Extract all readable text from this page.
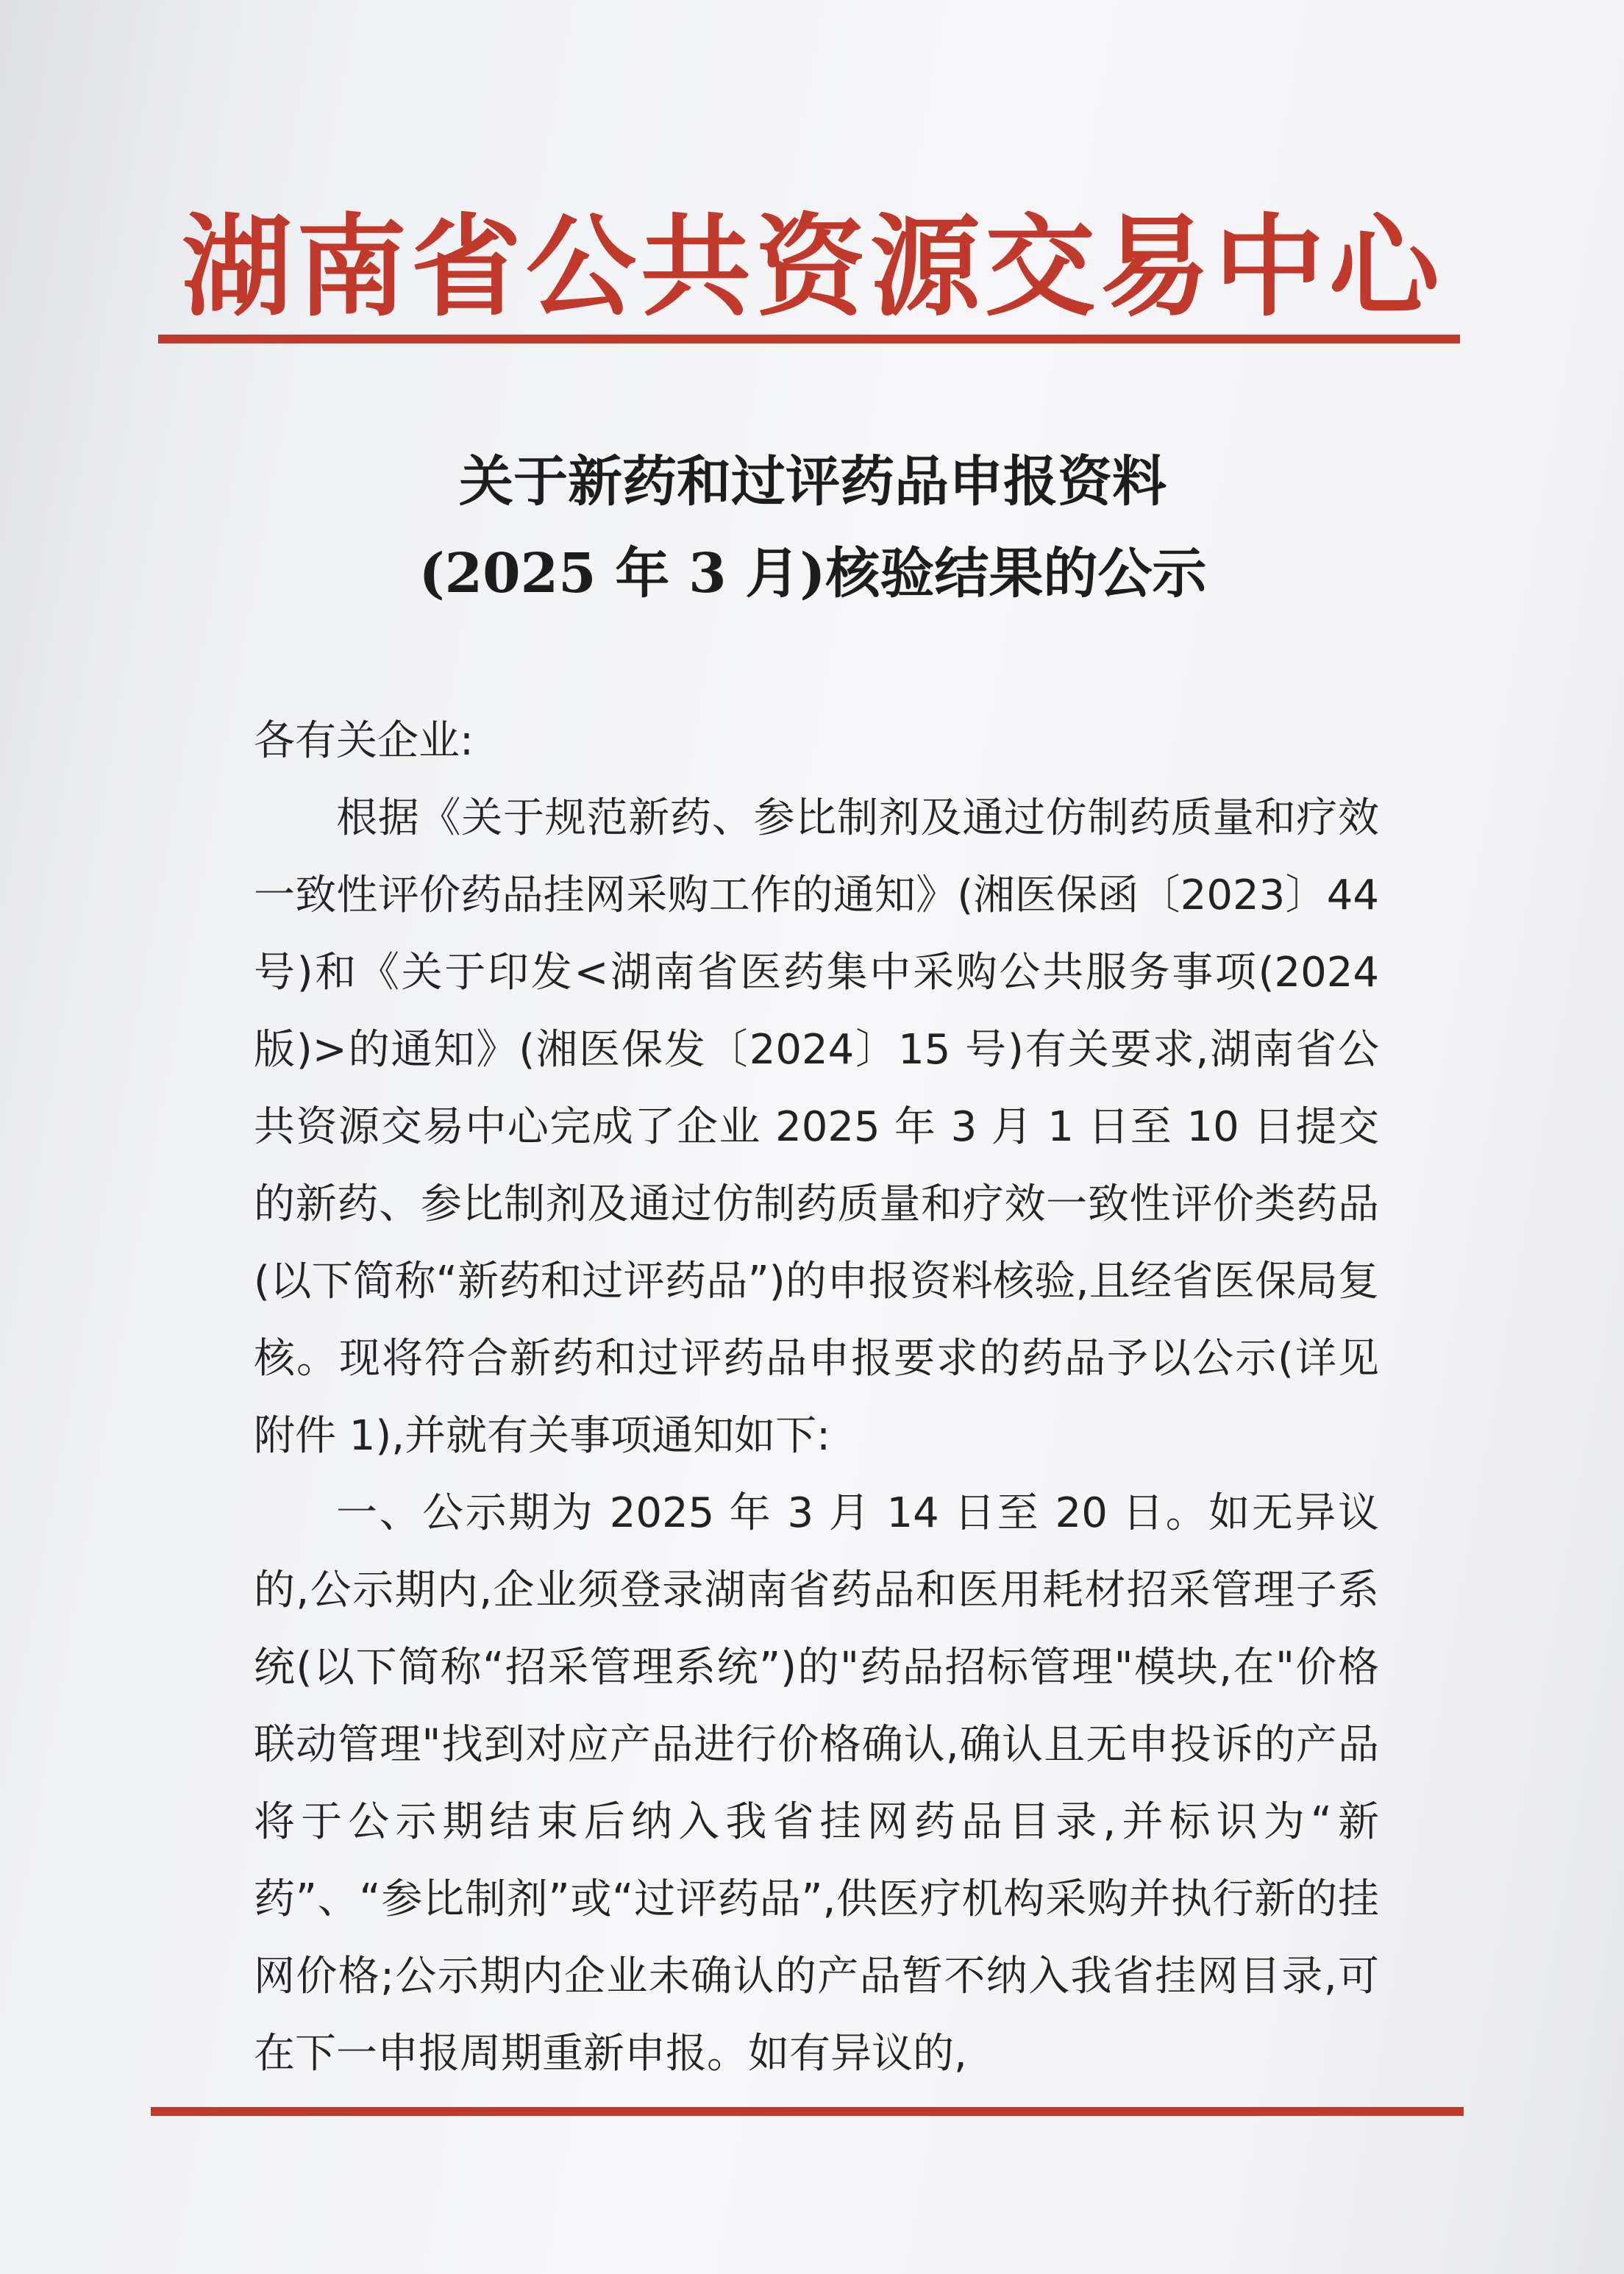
湖南省公共资源交易中心
关于新药和过评药品申报资料
(2025 年 3 月)核验结果的公示

各有关企业:

根据《关于规范新药、参比制剂及通过仿制药质量和疗效一致性评价药品挂网采购工作的通知》(湘医保函〔2023〕44 号)和《关于印发<湖南省医药集中采购公共服务事项(2024 版)>的通知》(湘医保发〔2024〕15 号)有关要求,湖南省公共资源交易中心完成了企业 2025 年 3 月 1 日至 10 日提交的新药、参比制剂及通过仿制药质量和疗效一致性评价类药品(以下简称“新药和过评药品”)的申报资料核验,且经省医保局复核。现将符合新药和过评药品申报要求的药品予以公示(详见附件 1),并就有关事项通知如下:

一、公示期为 2025 年 3 月 14 日至 20 日。如无异议的,公示期内,企业须登录湖南省药品和医用耗材招采管理子系统(以下简称“招采管理系统”)的"药品招标管理"模块,在"价格联动管理"找到对应产品进行价格确认,确认且无申投诉的产品将于公示期结束后纳入我省挂网药品目录,并标识为“新药”、“参比制剂”或“过评药品”,供医疗机构采购并执行新的挂网价格;公示期内企业未确认的产品暂不纳入我省挂网目录,可在下一申报周期重新申报。如有异议的,
